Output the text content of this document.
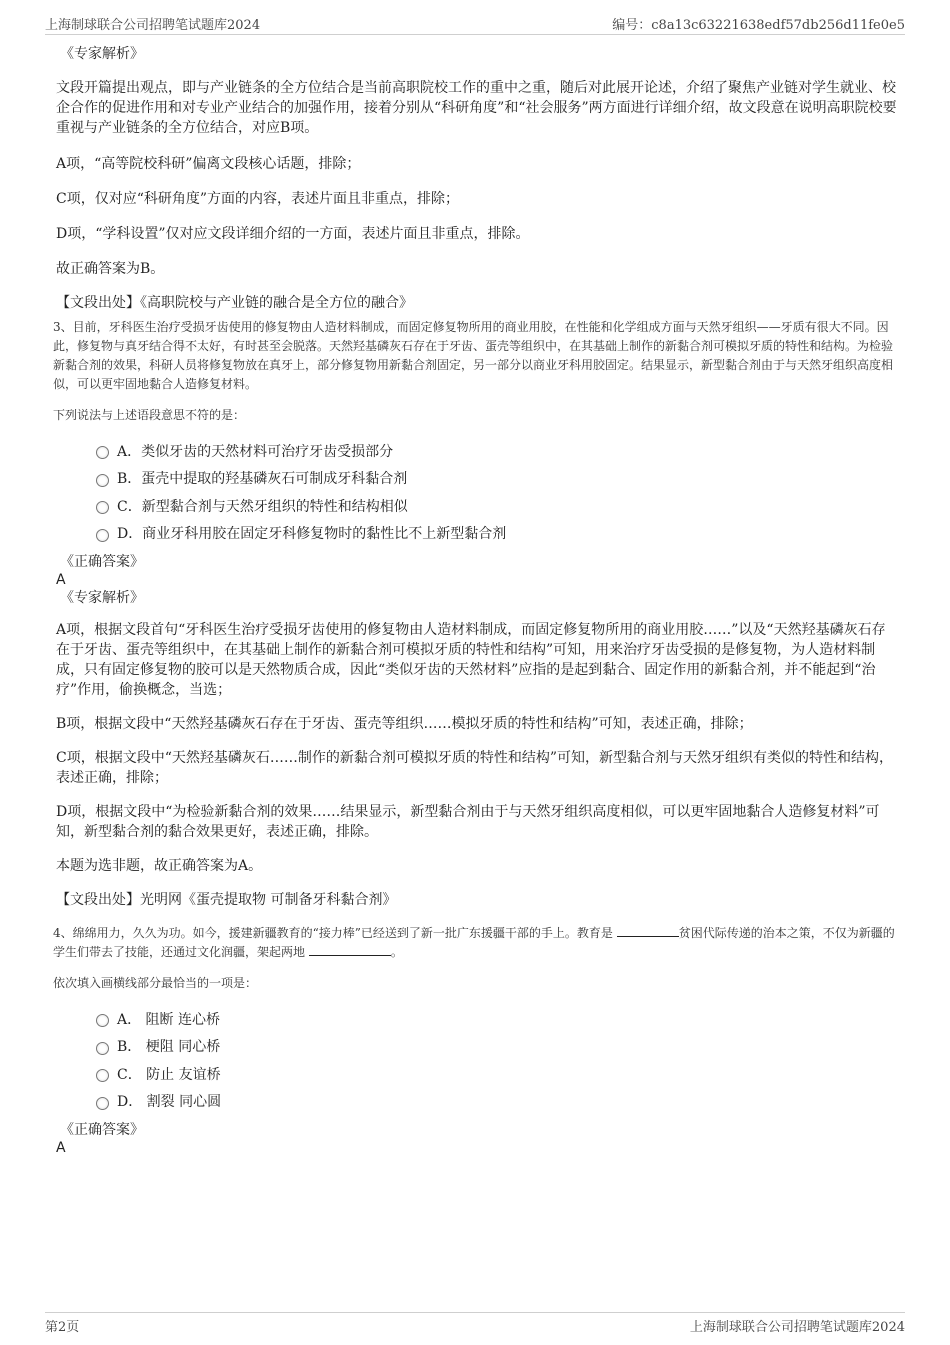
上海制球联合公司招聘笔试题库2024	编号：c8a13c63221638edf57db256d11fe0e5

《专家解析》

文段开篇提出观点，即与产业链条的全方位结合是当前高职院校工作的重中之重，随后对此展开论述，介绍了聚焦产业链对学生就业、校企合作的促进作用和对专业产业结合的加强作用，接着分别从“科研角度”和“社会服务”两方面进行详细介绍，故文段意在说明高职院校要重视与产业链条的全方位结合，对应B项。

A项，“高等院校科研”偏离文段核心话题，排除；

C项，仅对应“科研角度”方面的内容，表述片面且非重点，排除；

D项，“学科设置”仅对应文段详细介绍的一方面，表述片面且非重点，排除。

故正确答案为B。

【文段出处】《高职院校与产业链的融合是全方位的融合》

3、目前，牙科医生治疗受损牙齿使用的修复物由人造材料制成，而固定修复物所用的商业用胶，在性能和化学组成方面与天然牙组织——牙质有很大不同。因此，修复物与真牙结合得不太好，有时甚至会脱落。天然羟基磷灰石存在于牙齿、蛋壳等组织中，在其基础上制作的新黏合剂可模拟牙质的特性和结构。为检验新黏合剂的效果，科研人员将修复物放在真牙上，部分修复物用新黏合剂固定，另一部分以商业牙科用胶固定。结果显示，新型黏合剂由于与天然牙组织高度相似，可以更牢固地黏合人造修复材料。

下列说法与上述语段意思不符的是：

A．类似牙齿的天然材料可治疗牙齿受损部分
B．蛋壳中提取的羟基磷灰石可制成牙科黏合剂
C．新型黏合剂与天然牙组织的特性和结构相似
D．商业牙科用胶在固定牙科修复物时的黏性比不上新型黏合剂

《正确答案》

A

《专家解析》

A项，根据文段首句“牙科医生治疗受损牙齿使用的修复物由人造材料制成，而固定修复物所用的商业用胶……”以及“天然羟基磷灰石存在于牙齿、蛋壳等组织中，在其基础上制作的新黏合剂可模拟牙质的特性和结构”可知，用来治疗牙齿受损的是修复物，为人造材料制成，只有固定修复物的胶可以是天然物质合成，因此“类似牙齿的天然材料”应指的是起到黏合、固定作用的新黏合剂，并不能起到“治疗”作用，偷换概念，当选；

B项，根据文段中“天然羟基磷灰石存在于牙齿、蛋壳等组织……模拟牙质的特性和结构”可知，表述正确，排除；

C项，根据文段中“天然羟基磷灰石……制作的新黏合剂可模拟牙质的特性和结构”可知，新型黏合剂与天然牙组织有类似的特性和结构，表述正确，排除；

D项，根据文段中“为检验新黏合剂的效果……结果显示，新型黏合剂由于与天然牙组织高度相似，可以更牢固地黏合人造修复材料”可知，新型黏合剂的黏合效果更好，表述正确，排除。

本题为选非题，故正确答案为A。

【文段出处】光明网《蛋壳提取物 可制备牙科黏合剂》

4、绵绵用力，久久为功。如今，援建新疆教育的“接力棒”已经送到了新一批广东援疆干部的手上。教育是	贫困代际传递的治本之策，不仅为新疆的学生们带去了技能，还通过文化润疆，架起两地	。

依次填入画横线部分最恰当的一项是：

A． 阻断 连心桥
B． 梗阻 同心桥
C． 防止 友谊桥
D． 割裂 同心圆

《正确答案》

A

第2页	上海制球联合公司招聘笔试题库2024
